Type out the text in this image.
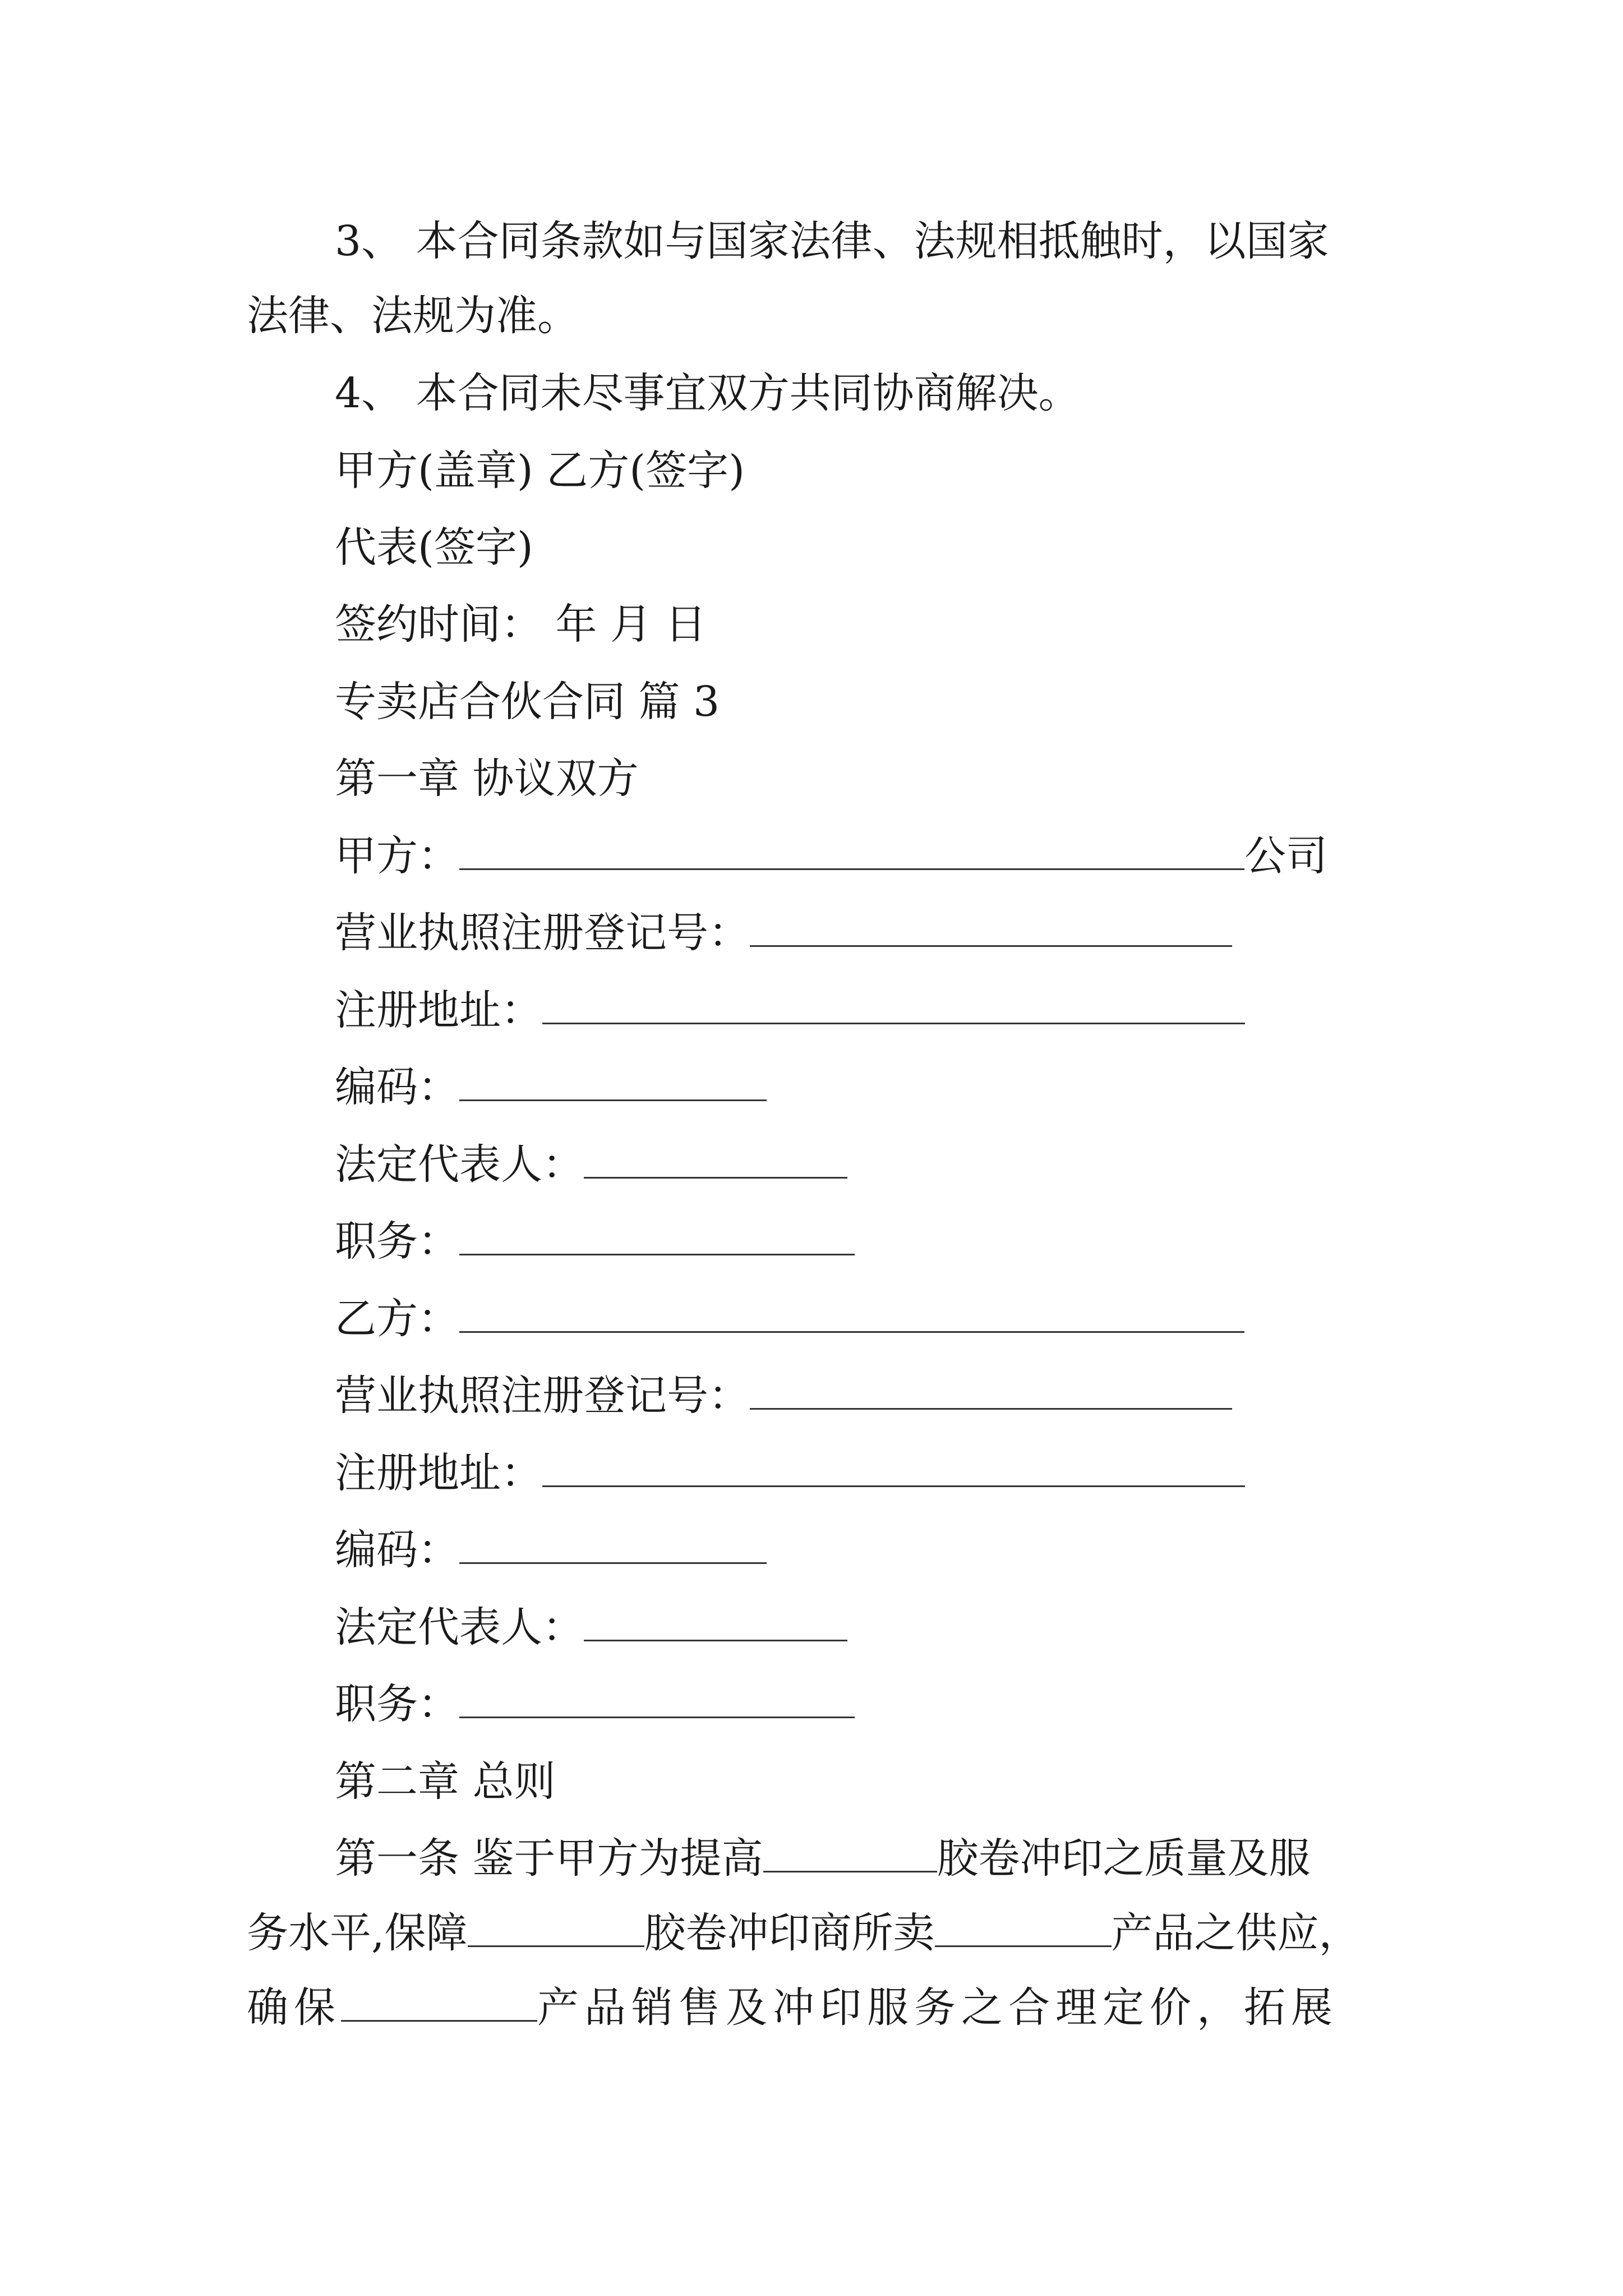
3、 本合同条款如与国家法律、法规相抵触时，以国家
法律、法规为准。
4、 本合同未尽事宜双方共同协商解决。
甲方(盖章) 乙方(签字)
代表(签字)
签约时间： 年 月 日
专卖店合伙合同 篇 3
第一章 协议双方
甲方：	公司
营业执照注册登记号：
注册地址：
编码：
法定代表人：
职务：
乙方：
营业执照注册登记号：
注册地址：
编码：
法定代表人：
职务：
第二章 总则
第一条 鉴于甲方为提高	胶卷冲印之质量及服
务水平,保障	胶卷冲印商所卖	产品之供应，
确保	产品销售及冲印服务之合理定价，拓展
